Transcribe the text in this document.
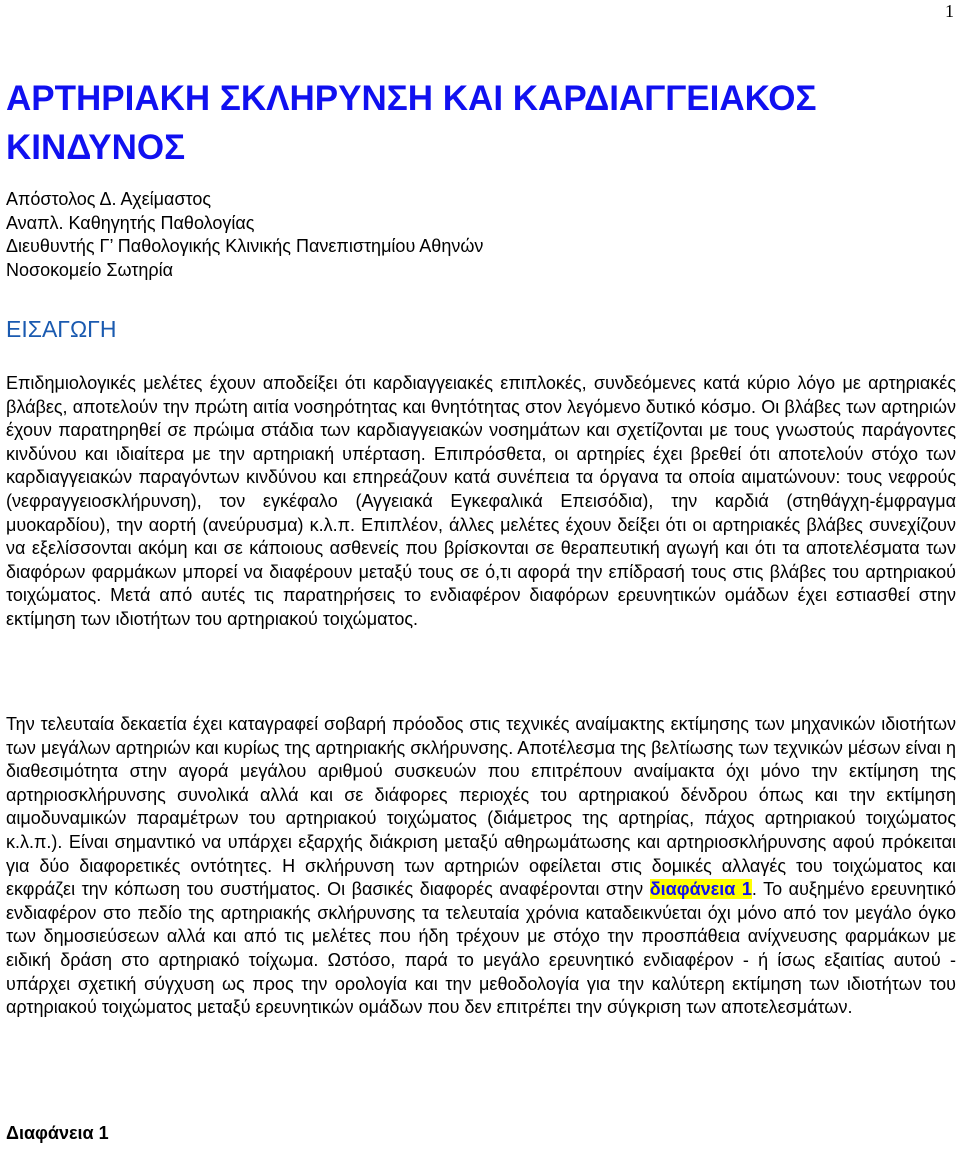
1
ΑΡΤΗΡΙΑΚΗ ΣΚΛΗΡΥΝΣΗ ΚΑΙ ΚΑΡΔΙΑΓΓΕΙΑΚΟΣ ΚΙΝΔΥΝΟΣ
Απόστολος Δ. Αχείμαστος
Αναπλ. Καθηγητής Παθολογίας
Διευθυντής Γ’ Παθολογικής Κλινικής Πανεπιστημίου Αθηνών
Νοσοκομείο Σωτηρία
ΕΙΣΑΓΩΓΗ

Επιδημιολογικές μελέτες έχουν αποδείξει ότι καρδιαγγειακές επιπλοκές, συνδεόμενες κατά κύριο λόγο με αρτηριακές βλάβες, αποτελούν την πρώτη αιτία νοσηρότητας και θνητότητας στον λεγόμενο δυτικό κόσμο. Οι βλάβες των αρτηριών έχουν παρατηρηθεί σε πρώιμα στάδια των καρδιαγγειακών νοσημάτων και σχετίζονται με τους γνωστούς παράγοντες κινδύνου και ιδιαίτερα με την αρτηριακή υπέρταση. Επιπρόσθετα, οι αρτηρίες έχει βρεθεί ότι αποτελούν στόχο των καρδιαγγειακών παραγόντων κινδύνου και επηρεάζουν κατά συνέπεια τα όργανα τα οποία αιματώνουν: τους νεφρούς (νεφραγγειοσκλήρυνση), τον εγκέφαλο (Αγγειακά Εγκεφαλικά Επεισόδια), την καρδιά (στηθάγχη-έμφραγμα μυοκαρδίου), την αορτή (ανεύρυσμα) κ.λ.π. Επιπλέον, άλλες μελέτες έχουν δείξει ότι οι αρτηριακές βλάβες συνεχίζουν να εξελίσσονται ακόμη και σε κάποιους ασθενείς που βρίσκονται σε θεραπευτική αγωγή και ότι τα αποτελέσματα των διαφόρων φαρμάκων μπορεί να διαφέρουν μεταξύ τους σε ό,τι αφορά την επίδρασή τους στις βλάβες του αρτηριακού τοιχώματος. Μετά από αυτές τις παρατηρήσεις το ενδιαφέρον διαφόρων ερευνητικών ομάδων έχει εστιασθεί στην εκτίμηση των ιδιοτήτων του αρτηριακού τοιχώματος.

Την τελευταία δεκαετία έχει καταγραφεί σοβαρή πρόοδος στις τεχνικές αναίμακτης εκτίμησης των μηχανικών ιδιοτήτων των μεγάλων αρτηριών και κυρίως της αρτηριακής σκλήρυνσης. Αποτέλεσμα της βελτίωσης των τεχνικών μέσων είναι η διαθεσιμότητα στην αγορά μεγάλου αριθμού συσκευών που επιτρέπουν αναίμακτα όχι μόνο την εκτίμηση της αρτηριοσκλήρυνσης συνολικά αλλά και σε διάφορες περιοχές του αρτηριακού δένδρου όπως και την εκτίμηση αιμοδυναμικών παραμέτρων του αρτηριακού τοιχώματος (διάμετρος της αρτηρίας, πάχος αρτηριακού τοιχώματος κ.λ.π.). Είναι σημαντικό να υπάρχει εξαρχής διάκριση μεταξύ αθηρωμάτωσης και αρτηριοσκλήρυνσης αφού πρόκειται για δύο διαφορετικές οντότητες. Η σκλήρυνση των αρτηριών οφείλεται στις δομικές αλλαγές του τοιχώματος και εκφράζει την κόπωση του συστήματος. Οι βασικές διαφορές αναφέρονται στην διαφάνεια 1. Το αυξημένο ερευνητικό ενδιαφέρον στο πεδίο της αρτηριακής σκλήρυνσης τα τελευταία χρόνια καταδεικνύεται όχι μόνο από τον μεγάλο όγκο των δημοσιεύσεων αλλά και από τις μελέτες που ήδη τρέχουν με στόχο την προσπάθεια ανίχνευσης φαρμάκων με ειδική δράση στο αρτηριακό τοίχωμα. Ωστόσο, παρά το μεγάλο ερευνητικό ενδιαφέρον - ή ίσως εξαιτίας αυτού - υπάρχει σχετική σύγχυση ως προς την ορολογία και την μεθοδολογία για την καλύτερη εκτίμηση των ιδιοτήτων του αρτηριακού τοιχώματος μεταξύ ερευνητικών ομάδων που δεν επιτρέπει την σύγκριση των αποτελεσμάτων.

Διαφάνεια 1
